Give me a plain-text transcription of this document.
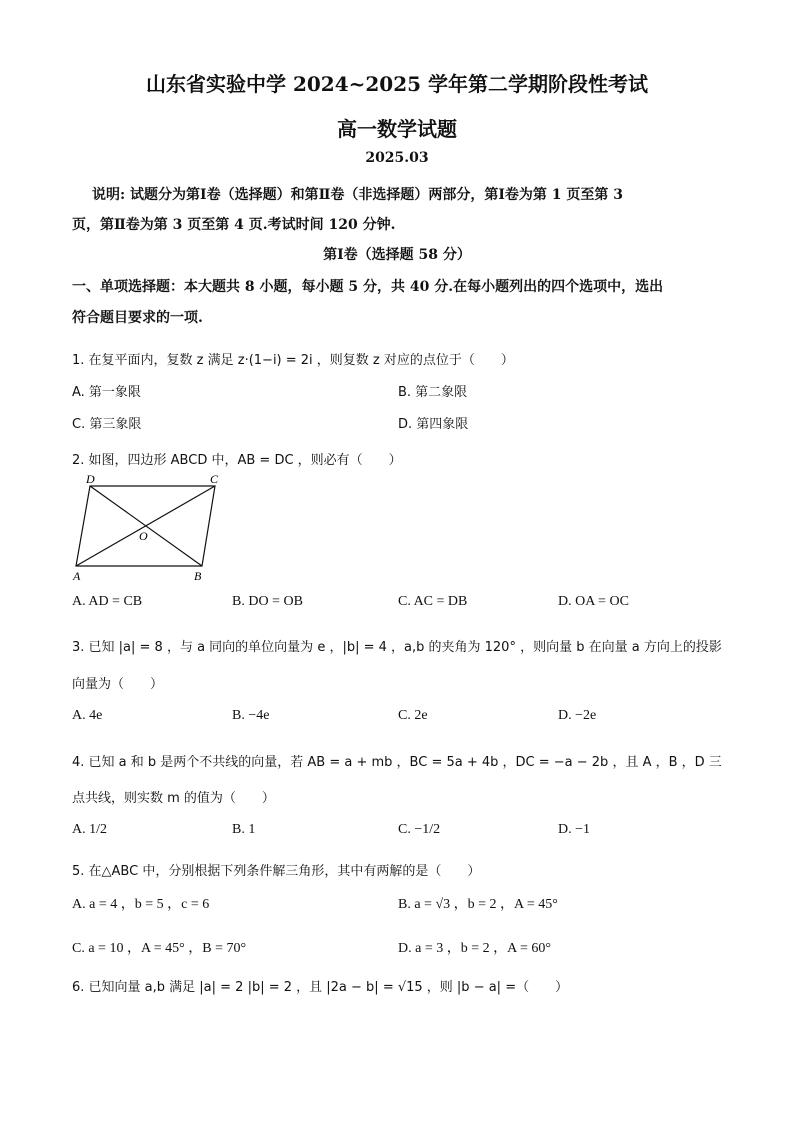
山东省实验中学 2024~2025 学年第二学期阶段性考试
高一数学试题
2025.03
说明: 试题分为第Ⅰ卷（选择题）和第Ⅱ卷（非选择题）两部分，第Ⅰ卷为第 1 页至第 3
页，第Ⅱ卷为第 3 页至第 4 页.考试时间 120 分钟.
第Ⅰ卷（选择题 58 分）
一、单项选择题：本大题共 8 小题，每小题 5 分，共 40 分.在每小题列出的四个选项中，选出
符合题目要求的一项.
1. 在复平面内，复数 z 满足 z·(1−i) = 2i ，则复数 z 对应的点位于（　　）
A. 第一象限	B. 第二象限
C. 第三象限	D. 第四象限
2. 如图，四边形 ABCD 中，AB = DC ，则必有（　　）
D	C
O
A	B
A. AD = CB	B. DO = OB	C. AC = DB	D. OA = OC
3. 已知 |a| = 8 ，与 a 同向的单位向量为 e ，|b| = 4 ，a,b 的夹角为 120° ，则向量 b 在向量 a 方向上的投影
向量为（　　）
A. 4e	B. −4e	C. 2e	D. −2e
4. 已知 a 和 b 是两个不共线的向量，若 AB = a + mb ，BC = 5a + 4b ，DC = −a − 2b ，且 A ，B ，D 三
点共线，则实数 m 的值为（　　）
A. 1/2	B. 1	C. −1/2	D. −1
5. 在△ABC 中，分别根据下列条件解三角形，其中有两解的是（　　）
A. a = 4 ，b = 5 ，c = 6	B. a = √3 ，b = 2 ，A = 45°
C. a = 10 ，A = 45° ，B = 70°	D. a = 3 ，b = 2 ，A = 60°
6. 已知向量 a,b 满足 |a| = 2 |b| = 2 ，且 |2a − b| = √15 ，则 |b − a| =（　　）
